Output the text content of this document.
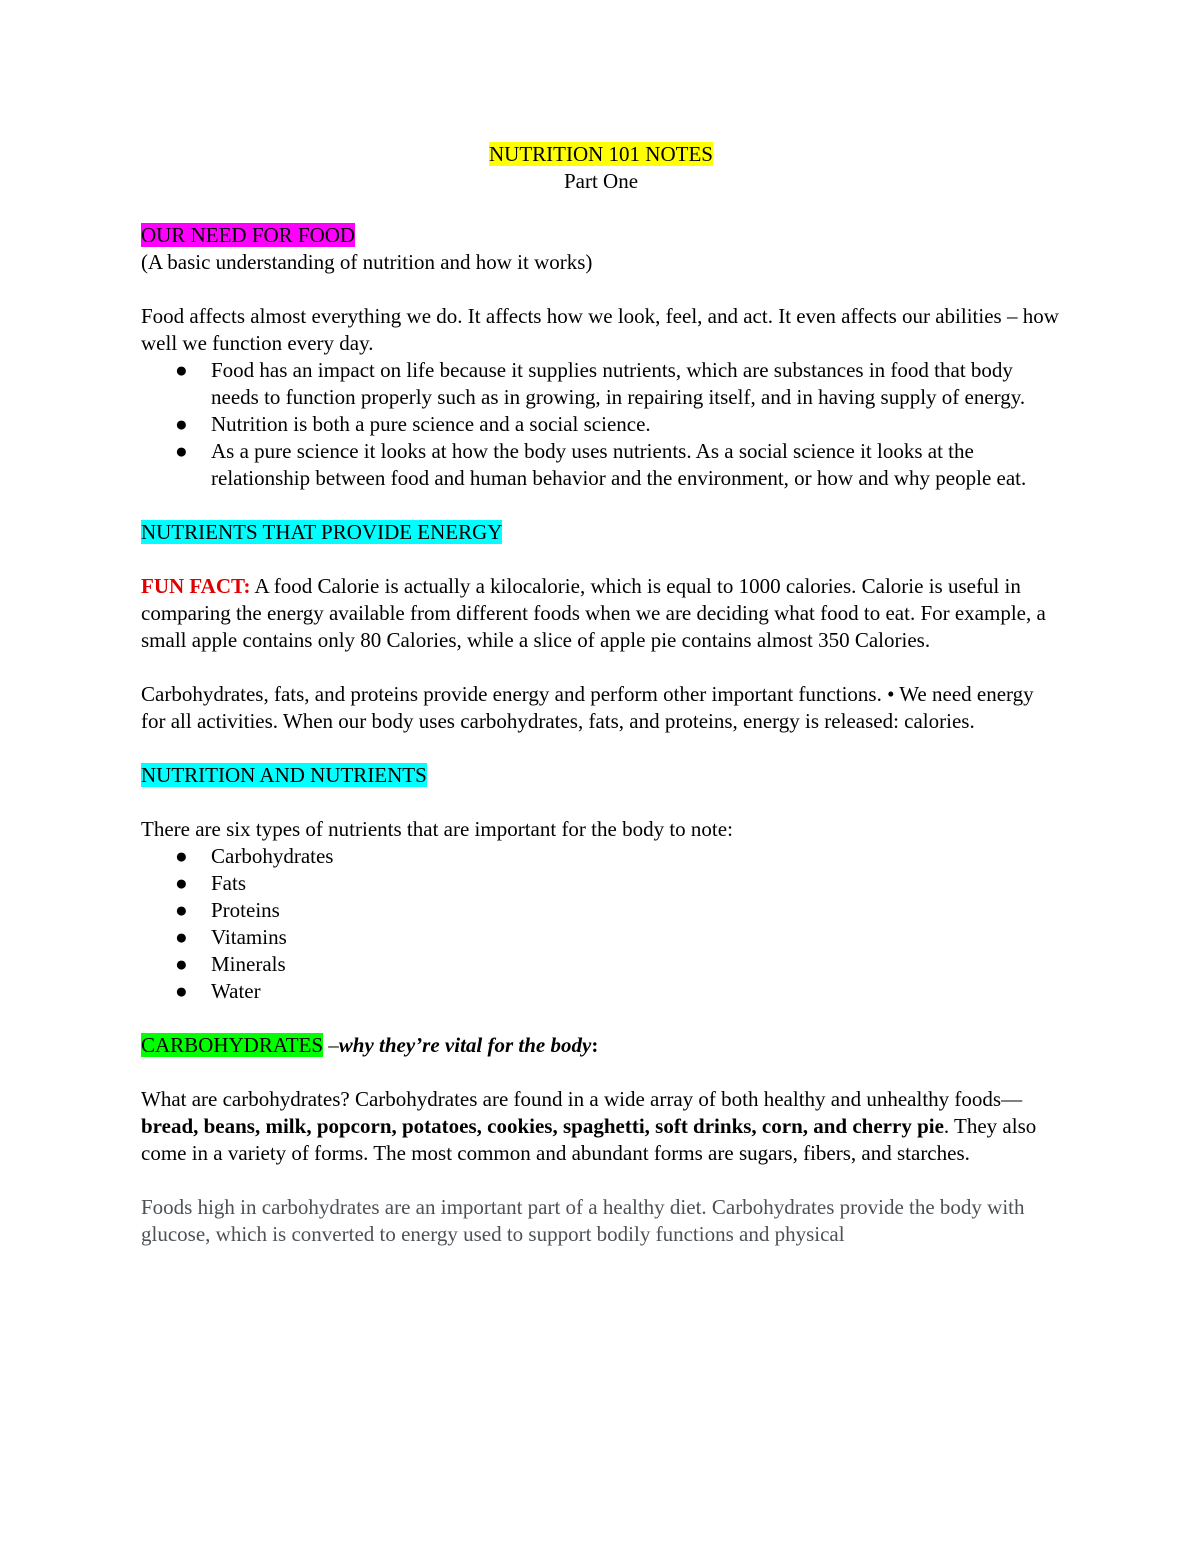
NUTRITION 101 NOTES

Part One

OUR NEED FOR FOOD

(A basic understanding of nutrition and how it works)

Food affects almost everything we do. It affects how we look, feel, and act. It even affects our abilities – how well we function every day.

● Food has an impact on life because it supplies nutrients, which are substances in food that body needs to function properly such as in growing, in repairing itself, and in having supply of energy.
● Nutrition is both a pure science and a social science.
● As a pure science it looks at how the body uses nutrients. As a social science it looks at the relationship between food and human behavior and the environment, or how and why people eat.

NUTRIENTS THAT PROVIDE ENERGY

FUN FACT: A food Calorie is actually a kilocalorie, which is equal to 1000 calories. Calorie is useful in comparing the energy available from different foods when we are deciding what food to eat. For example, a small apple contains only 80 Calories, while a slice of apple pie contains almost 350 Calories.

Carbohydrates, fats, and proteins provide energy and perform other important functions. • We need energy for all activities. When our body uses carbohydrates, fats, and proteins, energy is released: calories.

NUTRITION AND NUTRIENTS

There are six types of nutrients that are important for the body to note:

● Carbohydrates
● Fats
● Proteins
● Vitamins
● Minerals
● Water

CARBOHYDRATES –why they’re vital for the body:

What are carbohydrates? Carbohydrates are found in a wide array of both healthy and unhealthy foods—bread, beans, milk, popcorn, potatoes, cookies, spaghetti, soft drinks, corn, and cherry pie. They also come in a variety of forms. The most common and abundant forms are sugars, fibers, and starches.

Foods high in carbohydrates are an important part of a healthy diet. Carbohydrates provide the body with glucose, which is converted to energy used to support bodily functions and physical
